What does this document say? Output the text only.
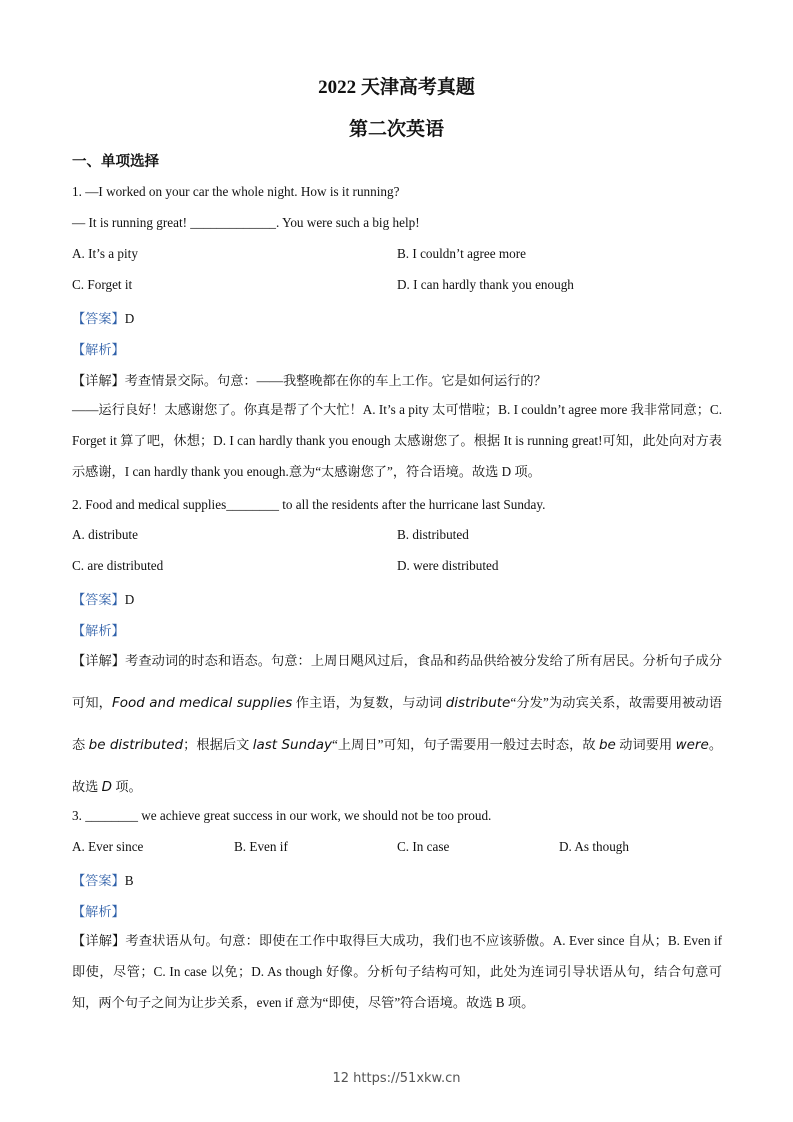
2022 天津高考真题
第二次英语
一、单项选择
1. —I worked on your car the whole night. How is it running?
— It is running great! _____________. You were such a big help!
A. It’s a pity	B. I couldn’t agree more
C. Forget it	D. I can hardly thank you enough
【答案】D
【解析】
【详解】考查情景交际。句意：——我整晚都在你的车上工作。它是如何运行的？
——运行良好！太感谢您了。你真是帮了个大忙！A. It’s a pity 太可惜啦；B. I couldn’t agree more 我非常同意；C. Forget it 算了吧，休想；D. I can hardly thank you enough 太感谢您了。根据 It is running great!可知，此处向对方表示感谢，I can hardly thank you enough.意为“太感谢您了”，符合语境。故选 D 项。
2. Food and medical supplies________ to all the residents after the hurricane last Sunday.
A. distribute	B. distributed
C. are distributed	D. were distributed
【答案】D
【解析】
【详解】考查动词的时态和语态。句意：上周日飓风过后，食品和药品供给被分发给了所有居民。分析句子成分可知，Food and medical supplies 作主语，为复数，与动词 distribute“分发”为动宾关系，故需要用被动语态 be distributed；根据后文 last Sunday“上周日”可知，句子需要用一般过去时态，故 be 动词要用 were。故选 D 项。
3. ________ we achieve great success in our work, we should not be too proud.
A. Ever since	B. Even if	C. In case	D. As though
【答案】B
【解析】
【详解】考查状语从句。句意：即使在工作中取得巨大成功，我们也不应该骄傲。A. Ever since 自从；B. Even if 即使，尽管；C. In case 以免；D. As though 好像。分析句子结构可知，此处为连词引导状语从句，结合句意可知，两个句子之间为让步关系，even if 意为“即使，尽管”符合语境。故选 B 项。
12 https://51xkw.cn
